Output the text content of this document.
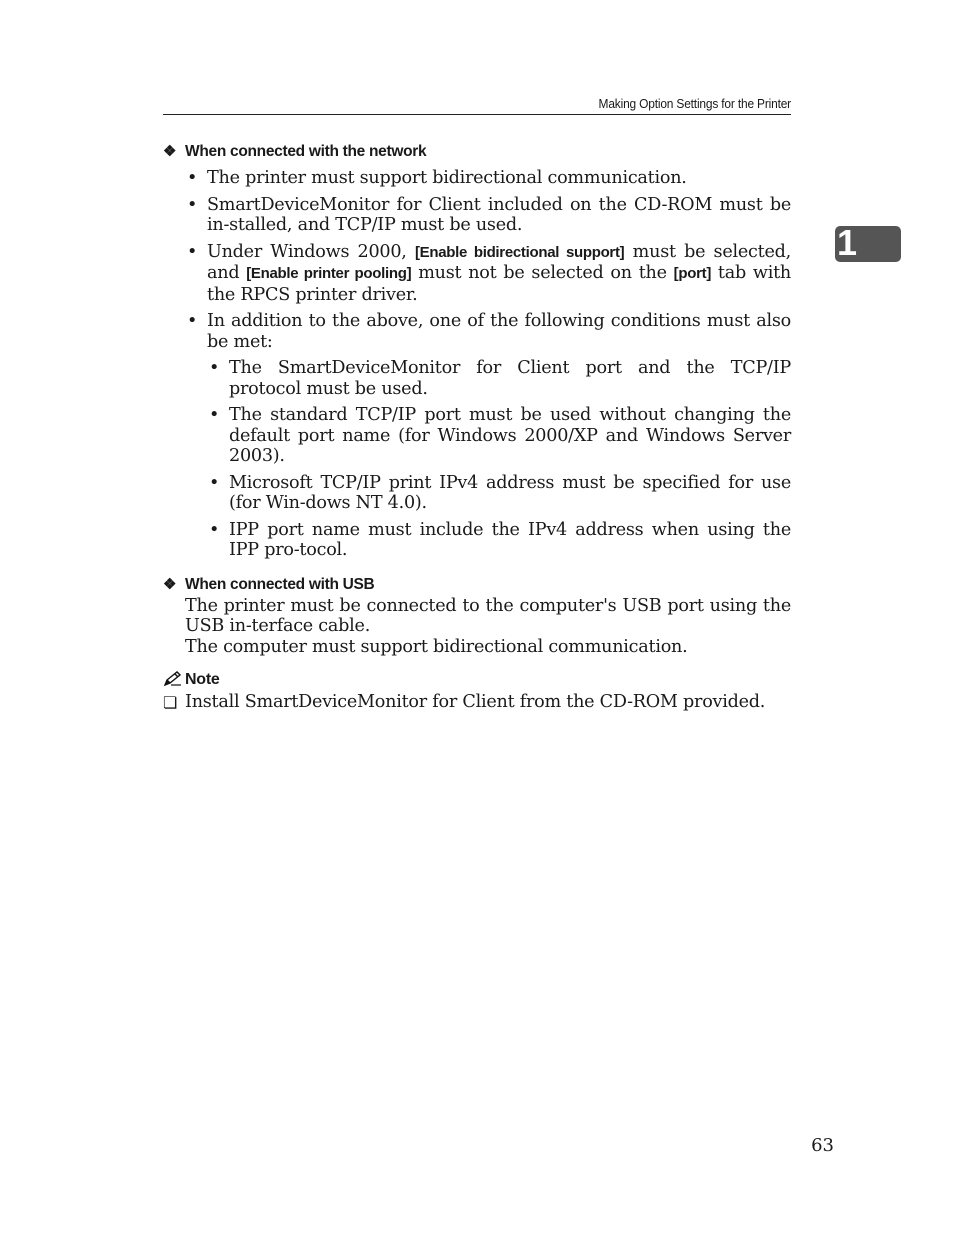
Making Option Settings for the Printer
1
❖ When connected with the network
• The printer must support bidirectional communication.
• SmartDeviceMonitor for Client included on the CD-ROM must be in-stalled, and TCP/IP must be used.
• Under Windows 2000, [Enable bidirectional support] must be selected, and [Enable printer pooling] must not be selected on the [port] tab with the RPCS printer driver.
• In addition to the above, one of the following conditions must also be met:
• The SmartDeviceMonitor for Client port and the TCP/IP protocol must be used.
• The standard TCP/IP port must be used without changing the default port name (for Windows 2000/XP and Windows Server 2003).
• Microsoft TCP/IP print IPv4 address must be specified for use (for Win-dows NT 4.0).
• IPP port name must include the IPv4 address when using the IPP pro-tocol.
❖ When connected with USB
The printer must be connected to the computer's USB port using the USB in-terface cable.
The computer must support bidirectional communication.
Note
❏ Install SmartDeviceMonitor for Client from the CD-ROM provided.
63
